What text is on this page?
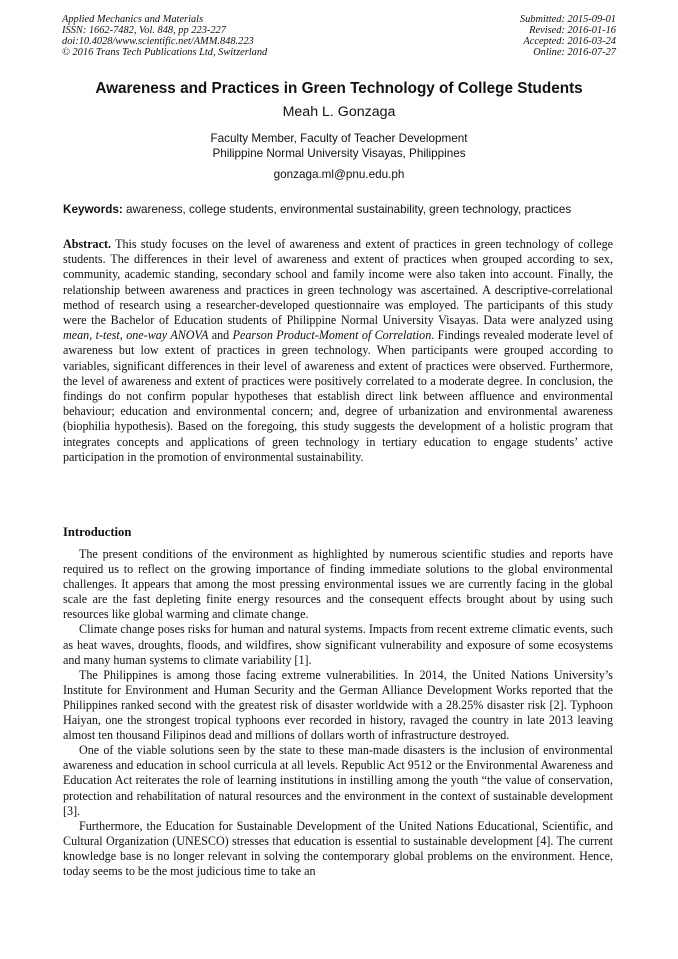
Applied Mechanics and Materials
ISSN: 1662-7482, Vol. 848, pp 223-227
doi:10.4028/www.scientific.net/AMM.848.223
© 2016 Trans Tech Publications Ltd, Switzerland
Submitted: 2015-09-01
Revised: 2016-01-16
Accepted: 2016-03-24
Online: 2016-07-27
Awareness and Practices in Green Technology of College Students
Meah L. Gonzaga
Faculty Member, Faculty of Teacher Development
Philippine Normal University Visayas, Philippines
gonzaga.ml@pnu.edu.ph
Keywords: awareness, college students, environmental sustainability, green technology, practices

Abstract. This study focuses on the level of awareness and extent of practices in green technology of college students. The differences in their level of awareness and extent of practices when grouped according to sex, community, academic standing, secondary school and family income were also taken into account. Finally, the relationship between awareness and practices in green technology was ascertained. A descriptive-correlational method of research using a researcher-developed questionnaire was employed. The participants of this study were the Bachelor of Education students of Philippine Normal University Visayas. Data were analyzed using mean, t-test, one-way ANOVA and Pearson Product-Moment of Correlation. Findings revealed moderate level of awareness but low extent of practices in green technology. When participants were grouped according to variables, significant differences in their level of awareness and extent of practices were observed. Furthermore, the level of awareness and extent of practices were positively correlated to a moderate degree. In conclusion, the findings do not confirm popular hypotheses that establish direct link between affluence and environmental behaviour; education and environmental concern; and, degree of urbanization and environmental awareness (biophilia hypothesis). Based on the foregoing, this study suggests the development of a holistic program that integrates concepts and applications of green technology in tertiary education to engage students’ active participation in the promotion of environmental sustainability.

Introduction

The present conditions of the environment as highlighted by numerous scientific studies and reports have required us to reflect on the growing importance of finding immediate solutions to the global environmental challenges. It appears that among the most pressing environmental issues we are currently facing in the global scale are the fast depleting finite energy resources and the consequent effects brought about by using such resources like global warming and climate change.

Climate change poses risks for human and natural systems. Impacts from recent extreme climatic events, such as heat waves, droughts, floods, and wildfires, show significant vulnerability and exposure of some ecosystems and many human systems to climate variability [1].

The Philippines is among those facing extreme vulnerabilities. In 2014, the United Nations University’s Institute for Environment and Human Security and the German Alliance Development Works reported that the Philippines ranked second with the greatest risk of disaster worldwide with a 28.25% disaster risk [2]. Typhoon Haiyan, one the strongest tropical typhoons ever recorded in history, ravaged the country in late 2013 leaving almost ten thousand Filipinos dead and millions of dollars worth of infrastructure destroyed.

One of the viable solutions seen by the state to these man-made disasters is the inclusion of environmental awareness and education in school curricula at all levels. Republic Act 9512 or the Environmental Awareness and Education Act reiterates the role of learning institutions in instilling among the youth “the value of conservation, protection and rehabilitation of natural resources and the environment in the context of sustainable development [3].

Furthermore, the Education for Sustainable Development of the United Nations Educational, Scientific, and Cultural Organization (UNESCO) stresses that education is essential to sustainable development [4]. The current knowledge base is no longer relevant in solving the contemporary global problems on the environment. Hence, today seems to be the most judicious time to take an
